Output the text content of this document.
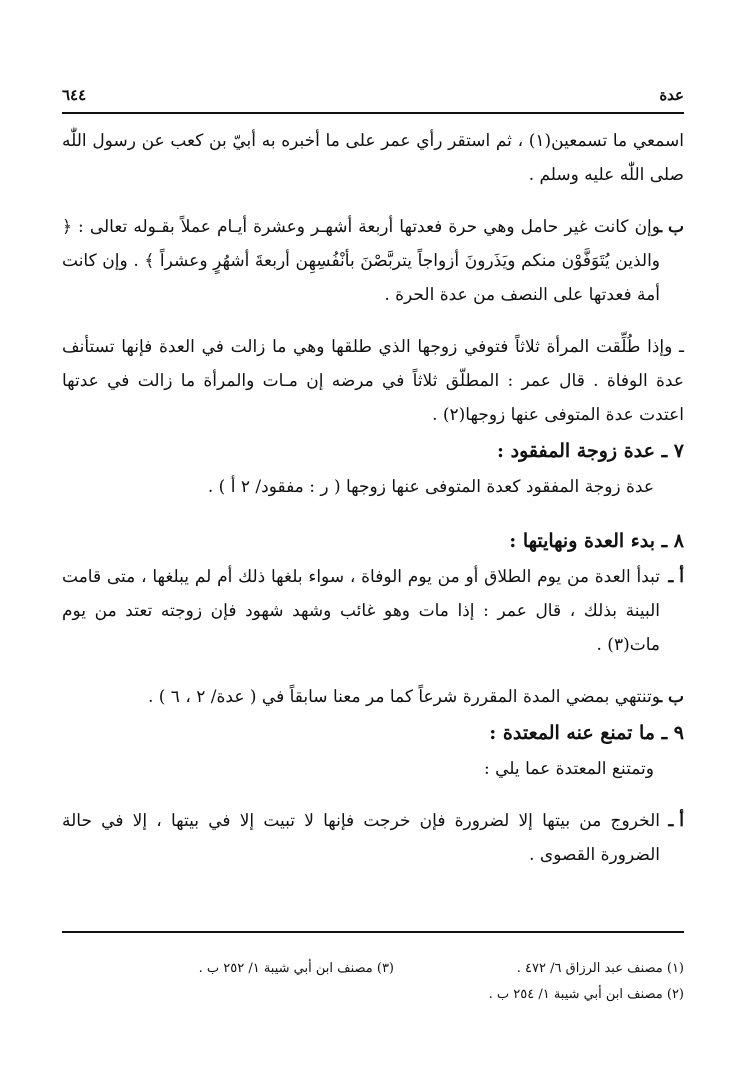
عدة
٦٤٤

اسمعي ما تسمعين(١) ، ثم استقر رأي عمر على ما أخبره به أبيّ بن كعب عن رسول اللّٰه صلى اللّٰه عليه وسلم .

ب ـ
وإن كانت غير حامل وهي حرة فعدتها أربعة أشهـر وعشرة أيـام عملاً بقـوله تعالى : ﴿ والذين يُتَوَفَّوْن منكم ويَذَرونَ أزواجاً يتربَّصْنَ بأنْفُسِهِن أربعةَ أشهُرٍ وعشراً ﴾ . وإن كانت أمة فعدتها على النصف من عدة الحرة .

ـ وإذا طُلِّقت المرأة ثلاثاً فتوفي زوجها الذي طلقها وهي ما زالت في العدة فإنها تستأنف عدة الوفاة . قال عمر : المطلّق ثلاثاً في مرضه إن مـات والمرأة ما زالت في عدتها اعتدت عدة المتوفى عنها زوجها(٢) .

٧ ـ عدة زوجة المفقود :

عدة زوجة المفقود كعدة المتوفى عنها زوجها ( ر : مفقود/ ٢ أ ) .

٨ ـ بدء العدة ونهايتها :

أ ـ
تبدأ العدة من يوم الطلاق أو من يوم الوفاة ، سواء بلغها ذلك أم لم يبلغها ، متى قامت البينة بذلك ، قال عمر : إذا مات وهو غائب وشهد شهود فإن زوجته تعتد من يوم مات(٣) .
ب ـ
وتنتهي بمضي المدة المقررة شرعاً كما مر معنا سابقاً في ( عدة/ ٢ ، ٦ ) .

٩ ـ ما تمنع عنه المعتدة :

وتمتنع المعتدة عما يلي :

أ ـ
الخروج من بيتها إلا لضرورة فإن خرجت فإنها لا تبيت إلا في بيتها ، إلا في حالة الضرورة القصوى .
(١) مصنف عبد الرزاق ٦/ ٤٧٢ .
(٣) مصنف ابن أبي شيبة ١/ ٢٥٢ ب .
(٢) مصنف ابن أبي شيبة ١/ ٢٥٤ ب .
